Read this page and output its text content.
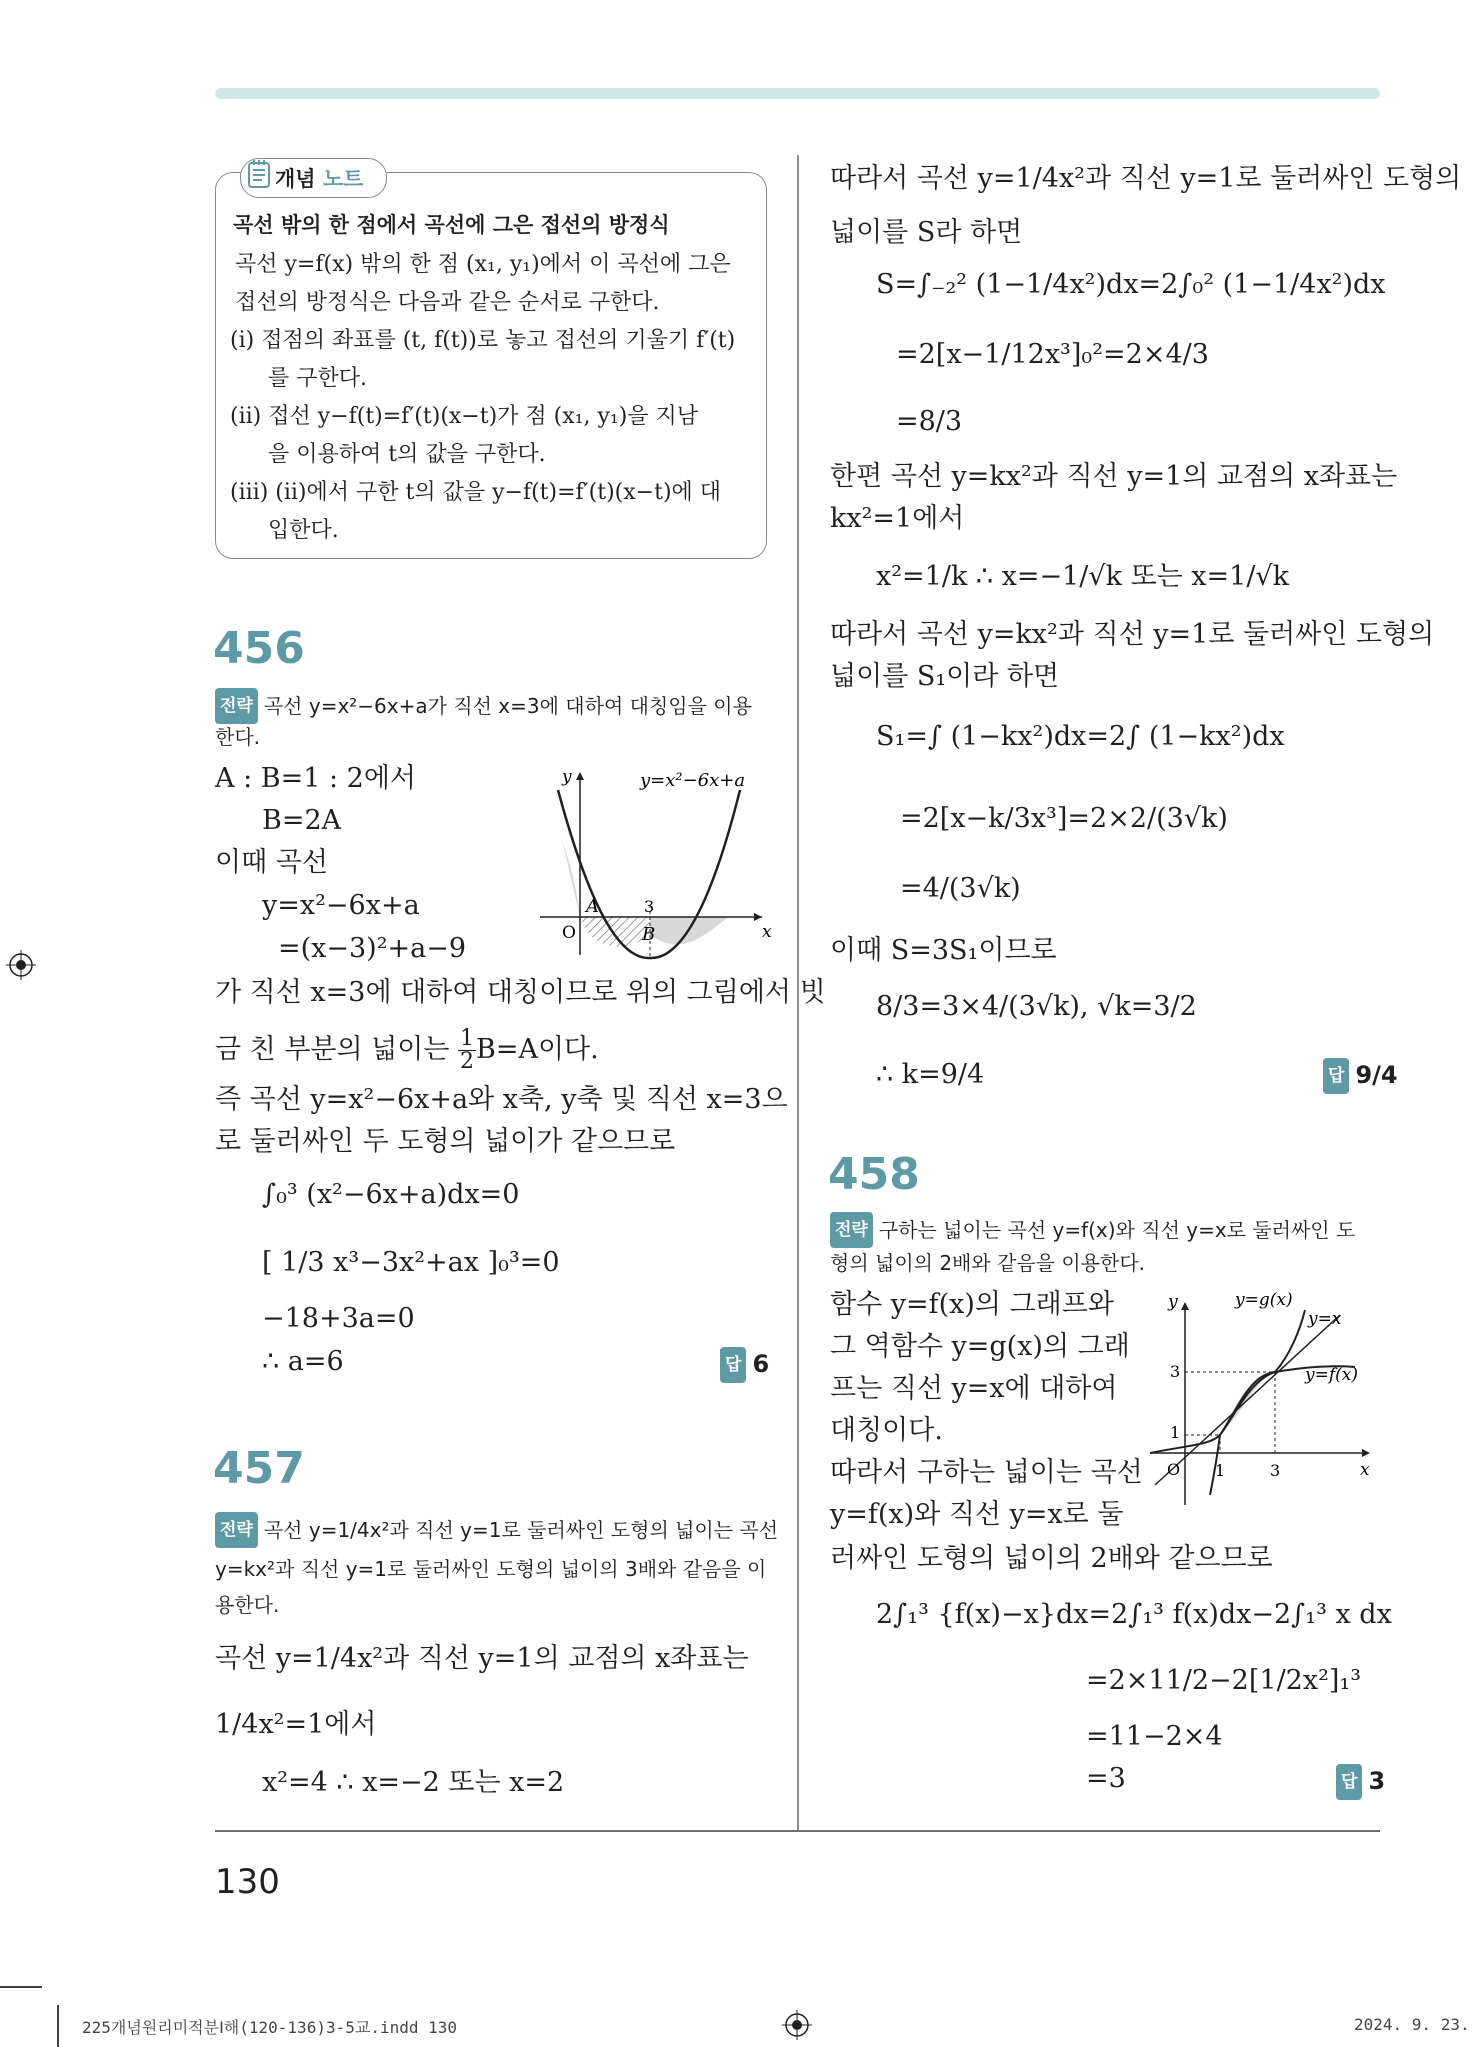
개념 노트
곡선 밖의 한 점에서 곡선에 그은 접선의 방정식
곡선 y=f(x) 밖의 한 점 (x₁, y₁)에서 이 곡선에 그은
접선의 방정식은 다음과 같은 순서로 구한다.
(ⅰ) 접점의 좌표를 (t, f(t))로 놓고 접선의 기울기 f′(t)
를 구한다.
(ⅱ) 접선 y−f(t)=f′(t)(x−t)가 점 (x₁, y₁)을 지남
을 이용하여 t의 값을 구한다.
(ⅲ) (ⅱ)에서 구한 t의 값을 y−f(t)=f′(t)(x−t)에 대
입한다.
456
전략 곡선 y=x²−6x+a가 직선 x=3에 대하여 대칭임을 이용
한다.
A : B=1 : 2에서
B=2A
이때 곡선
y=x²−6x+a
=(x−3)²+a−9
가 직선 x=3에 대하여 대칭이므로 위의 그림에서 빗
금 친 부분의 넓이는 $\frac{1}{2} B=A$이다.
즉 곡선 y=x²−6x+a와 x축, y축 및 직선 x=3으
로 둘러싸인 두 도형의 넓이가 같으므로
∫₀³ (x²−6x+a)dx=0
[ 1/3 x³−3x²+ax ]₀³=0
−18+3a=0
∴ a=6	답 6
y=x²−6x+a
y
x
O
A	3
B
457
전략 곡선 y=1/4x²과 직선 y=1로 둘러싸인 도형의 넓이는 곡선
y=kx²과 직선 y=1로 둘러싸인 도형의 넓이의 3배와 같음을 이
용한다.
곡선 y=1/4x²과 직선 y=1의 교점의 x좌표는
1/4x²=1에서
x²=4 ∴ x=−2 또는 x=2
따라서 곡선 y=1/4x²과 직선 y=1로 둘러싸인 도형의
넓이를 S라 하면
S=∫₋₂² (1−1/4x²)dx=2∫₀² (1−1/4x²)dx
=2[x−1/12x³]₀²=2×4/3
=8/3
한편 곡선 y=kx²과 직선 y=1의 교점의 x좌표는
kx²=1에서
x²=1/k ∴ x=−1/√k 또는 x=1/√k
따라서 곡선 y=kx²과 직선 y=1로 둘러싸인 도형의
넓이를 S₁이라 하면
S₁=∫ (1−kx²)dx=2∫ (1−kx²)dx
=2[x−k/3x³]=2×2/(3√k)
=4/(3√k)
이때 S=3S₁이므로
8/3=3×4/(3√k), √k=3/2
∴ k=9/4	답 9/4
458
전략 구하는 넓이는 곡선 y=f(x)와 직선 y=x로 둘러싸인 도
형의 넓이의 2배와 같음을 이용한다.
함수 y=f(x)의 그래프와
그 역함수 y=g(x)의 그래
프는 직선 y=x에 대하여
대칭이다.
따라서 구하는 넓이는 곡선
y=f(x)와 직선 y=x로 둘
러싸인 도형의 넓이의 2배와 같으므로
2∫₁³ {f(x)−x}dx=2∫₁³ f(x)dx−2∫₁³ x dx
=2×11/2−2[1/2x²]₁³
=11−2×4
=3	답 3
y
x
O
y=g(x)
y=x
y=f(x)
1
3
1	3
130
225개념원리미적분Ⅰ해(120-136)3-5교.indd 130	2024. 9. 23.
